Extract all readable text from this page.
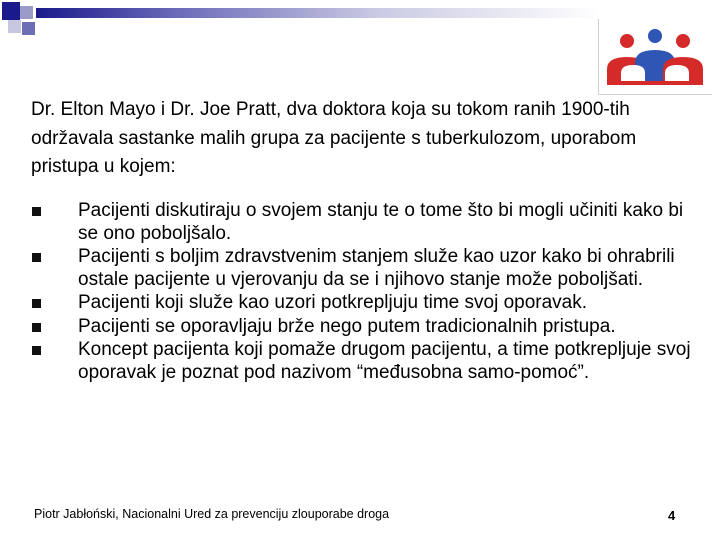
Dr. Elton Mayo i Dr. Joe Pratt, dva doktora koja su tokom ranih 1900-tih održavala sastanke malih grupa za pacijente s tuberkulozom, uporabom pristupa u kojem:
Pacijenti diskutiraju o svojem stanju te o tome što bi mogli učiniti kako bi se ono poboljšalo.
Pacijenti s boljim zdravstvenim stanjem služe kao uzor kako bi ohrabrili ostale pacijente u vjerovanju da se i njihovo stanje može poboljšati.
Pacijenti koji služe kao uzori potkrepljuju time svoj oporavak.
Pacijenti se oporavljaju brže nego putem tradicionalnih pristupa.
Koncept pacijenta koji pomaže drugom pacijentu, a time potkrepljuje svoj oporavak je poznat pod nazivom “međusobna samo-pomoć”.
Piotr Jabłoński, Nacionalni Ured za prevenciju zlouporabe droga	4
